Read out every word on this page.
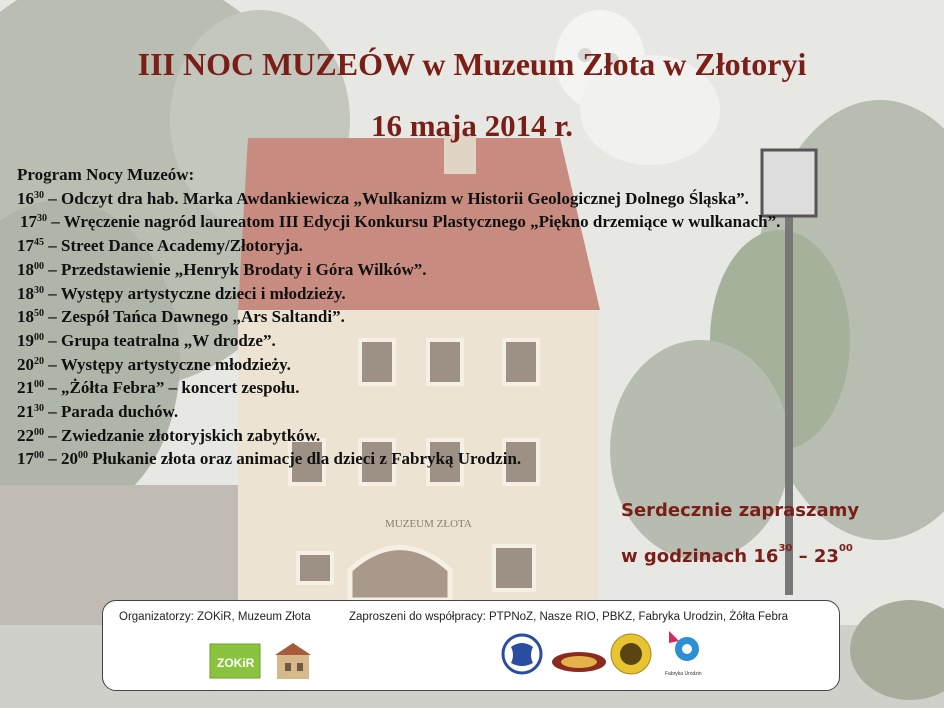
MUZEUM ZŁOTA
III NOC MUZEÓW w Muzeum Złota w Złotoryi
16 maja 2014 r.
Program Nocy Muzeów:
$16^{30}$ – Odczyt dra hab. Marka Awdankiewicza „Wulkanizm w Historii Geologicznej Dolnego Śląska”.
$17^{30}$ – Wręczenie nagród laureatom III Edycji Konkursu Plastycznego „Piękno drzemiące w wulkanach”.
$17^{45}$ – Street Dance Academy/Złotoryja.
$18^{00}$ – Przedstawienie „Henryk Brodaty i Góra Wilków”.
$18^{30}$ – Występy artystyczne dzieci i młodzieży.
$18^{50}$ – Zespół Tańca Dawnego „Ars Saltandi”.
$19^{00}$ – Grupa teatralna „W drodze”.
$20^{20}$ – Występy artystyczne młodzieży.
$21^{00}$ – „Żółta Febra” – koncert zespołu.
$21^{30}$ – Parada duchów.
$22^{00}$ – Zwiedzanie złotoryjskich zabytków.
$17^{00} - 20^{00}$ Płukanie złota oraz animacje dla dzieci z Fabryką Urodzin.
Serdecznie zapraszamy
w godzinach $16^{30} - 23^{00}$
Organizatorzy: ZOKiR, Muzeum Złota	Zaproszeni do współpracy: PTPNoZ, Nasze RIO, PBKZ, Fabryka Urodzin, Żółta Febra
ZOKiR
Fabryka Urodzin
